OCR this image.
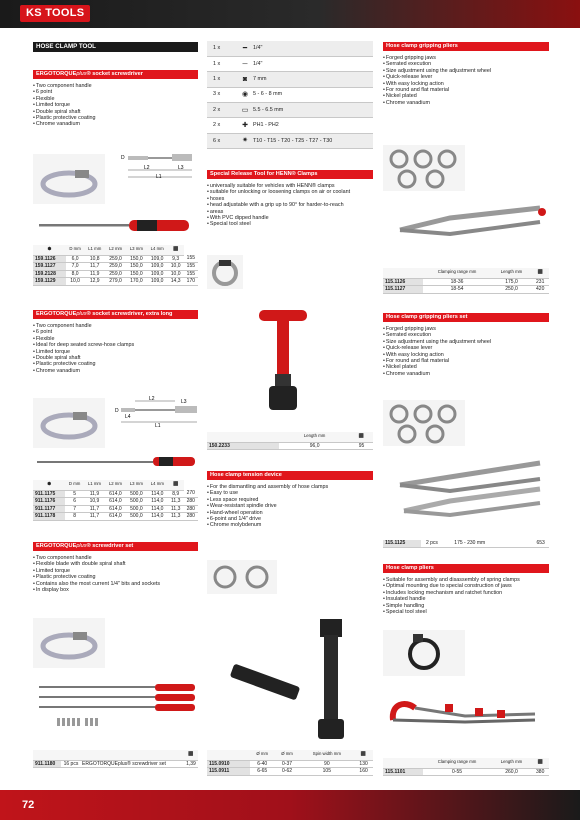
KS TOOLS
HOSE CLAMP TOOL
ERGOTORQUEplus® socket screwdriver
• Two component handle
• 6 point
• Flexible
• Limited torque
• Double spiral shaft
• Plastic protective coating
• Chrome vanadium
D
L1
L2	L3
⬢	D mm	L1 mm	L2 mm	L3 mm	L4 mm	⬛	
159.1126	6,0	10,8	259,0	150,0	109,0	9,3	155
159.1127	7,0	11,7	259,0	150,0	109,0	10,0	155
159.2128	8,0	11,9	259,0	150,0	109,0	10,0	155
159.1129	10,0	12,9	279,0	170,0	109,0	14,3	170
ERGOTORQUEplus® socket screwdriver, extra long
• Two component handle
• 6 point
• Flexible
• Ideal for deep seated screw-hose clamps
• Limited torque
• Double spiral shaft
• Plastic protective coating
• Chrome vanadium
L2	L3
L4
L1
D
⬢	D mm	L1 mm	L2 mm	L3 mm	L4 mm	⬛	
911.1175	5	11,9	614,0	500,0	114,0	8,9	270
911.1176	6	10,9	614,0	500,0	114,0	11,3	280
911.1177	7	11,7	614,0	500,0	114,0	11,3	280
911.1178	8	11,7	614,0	500,0	114,0	11,3	280
ERGOTORQUEplus® screwdriver set
• Two component handle
• Flexible blade with double spiral shaft
• Limited torque
• Plastic protective coating
• Contains also the most current 1/4" bits and sockets
• In display box
			⬛
911.1180	16 pcs	ERGOTORQUEplus® screwdriver set	1,39
1 x	━	1/4"
1 x	─	1/4"
1 x	◙	7 mm
3 x	◉	5 - 6 - 8 mm
2 x	▭	5.5 - 6.5 mm
2 x	✚	PH1 - PH2
6 x	✷	T10 - T15 - T20 - T25 - T27 - T30
Special Release Tool for HENN® Clamps
• universally suitable for vehicles with HENN® clamps
• suitable for unlocking or loosening clamps on air or coolant
• hoses
• head adjustable with a grip up to 90° for harder-to-reach
• areas
• With PVC dipped handle
• Special tool steel
	Length mm	⬛
150.2233	96,0	95
Hose clamp tension device
• For the dismantling and assembly of hose clamps
• Easy to use
• Less space required
• Wear-resistant spindle drive
• Hand-wheel operation
• 6-point and 1/4" drive
• Chrome molybdenum
	Ø mm	Ø mm	Spin width mm	⬛
115.0910	6-40	0-37	90	130
115.0911	6-65	0-62	105	160
Hose clamp gripping pliers
• Forged gripping jaws
• Serrated execution
• Size adjustment using the adjustment wheel
• Quick-release lever
• With easy locking action
• For round and flat material
• Nickel plated
• Chrome vanadium
	Clamping range mm	Length mm	⬛
115.1126	18-36	175,0	231
115.1127	18-54	250,0	420
Hose clamp gripping pliers set
• Forged gripping jaws
• Serrated execution
• Size adjustment using the adjustment wheel
• Quick-release lever
• With easy locking action
• For round and flat material
• Nickel plated
• Chrome vanadium
115.1125	2 pcs	175 - 230 mm		653
Hose clamp pliers
• Suitable for assembly and disassembly of spring clamps
• Optimal mounting due to special construction of jaws
• Includes locking mechanism and ratchet function
• Insulated handle
• Simple handling
• Special tool steel
	Clamping range mm	Length mm	⬛
115.1101	0-55	260,0	380
72
